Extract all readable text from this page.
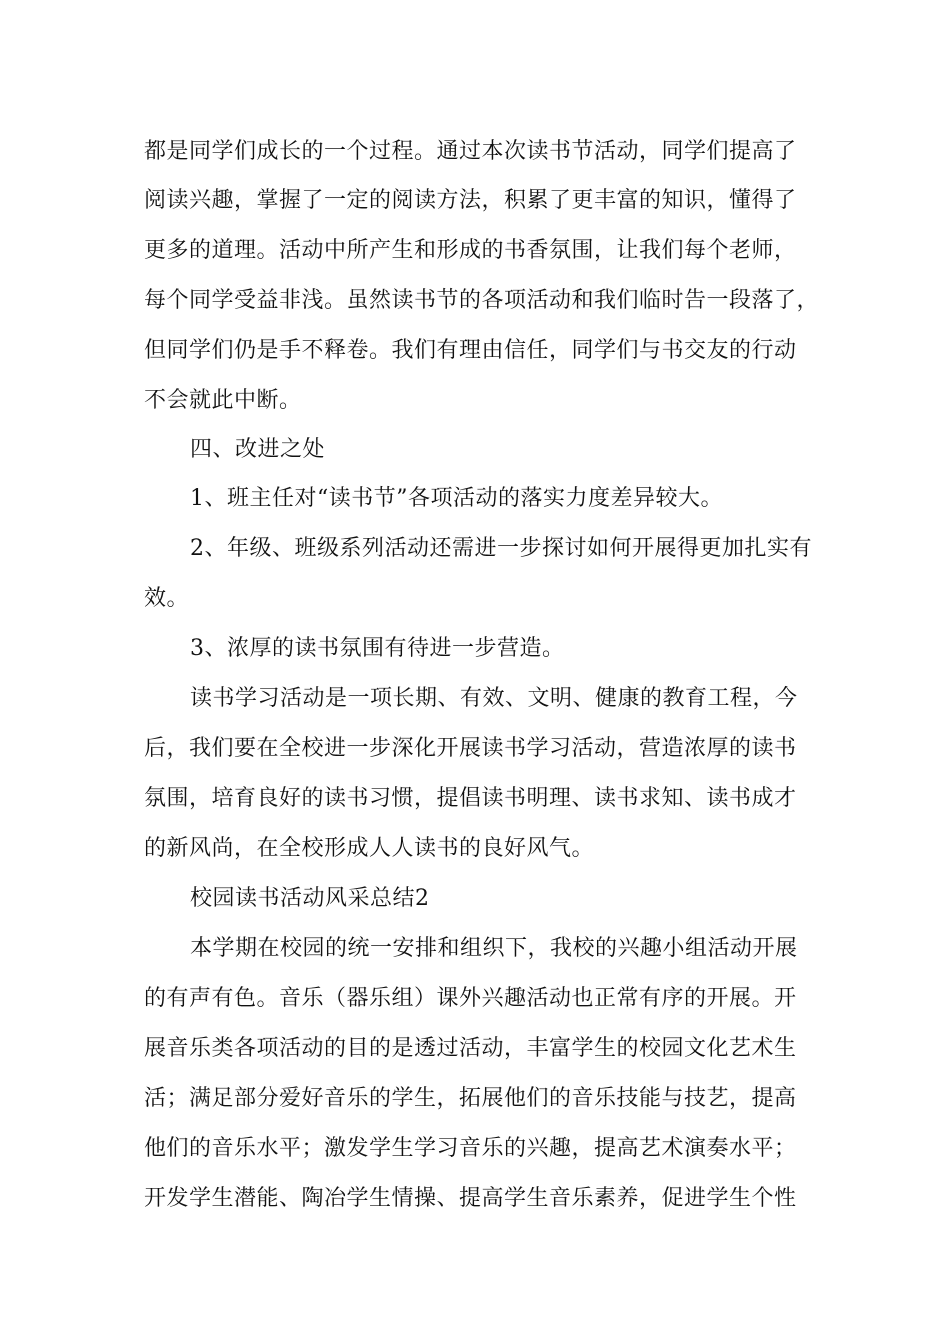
都是同学们成长的一个过程。通过本次读书节活动，同学们提高了
阅读兴趣，掌握了一定的阅读方法，积累了更丰富的知识，懂得了
更多的道理。活动中所产生和形成的书香氛围，让我们每个老师，
每个同学受益非浅。虽然读书节的各项活动和我们临时告一段落了，
但同学们仍是手不释卷。我们有理由信任，同学们与书交友的行动
不会就此中断。
四、改进之处
1、班主任对“读书节”各项活动的落实力度差异较大。
2、年级、班级系列活动还需进一步探讨如何开展得更加扎实有
效。
3、浓厚的读书氛围有待进一步营造。
读书学习活动是一项长期、有效、文明、健康的教育工程，今
后，我们要在全校进一步深化开展读书学习活动，营造浓厚的读书
氛围，培育良好的读书习惯，提倡读书明理、读书求知、读书成才
的新风尚，在全校形成人人读书的良好风气。
校园读书活动风采总结2
本学期在校园的统一安排和组织下，我校的兴趣小组活动开展
的有声有色。音乐（器乐组）课外兴趣活动也正常有序的开展。开
展音乐类各项活动的目的是透过活动，丰富学生的校园文化艺术生
活；满足部分爱好音乐的学生，拓展他们的音乐技能与技艺，提高
他们的音乐水平；激发学生学习音乐的兴趣，提高艺术演奏水平；
开发学生潜能、陶冶学生情操、提高学生音乐素养，促进学生个性
